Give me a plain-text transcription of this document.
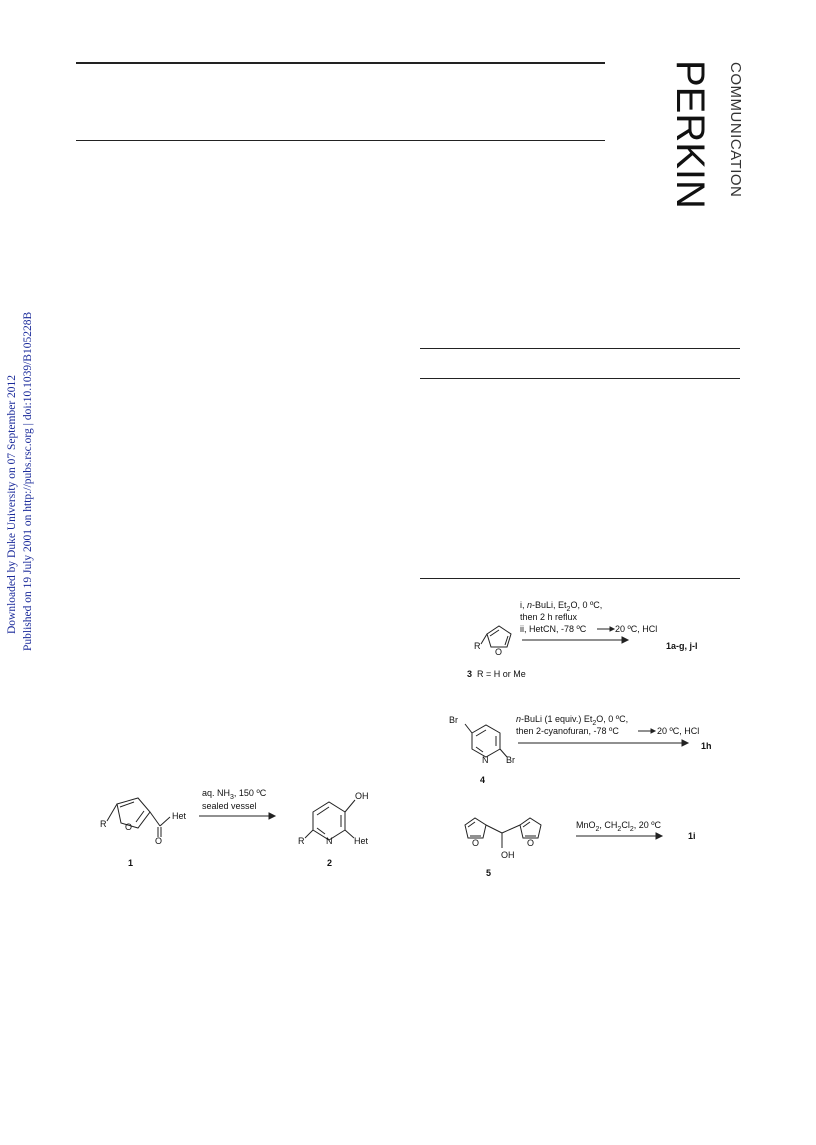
PERKIN COMMUNICATION
Downloaded by Duke University on 07 September 2012 Published on 19 July 2001 on http://pubs.rsc.org | doi:10.1039/B105228B
R O
Het
O
1
aq. $NH_3$, 150 ºC
sealed vessel
OH
R N Het
2
i, n-BuLi, $Et_2O$, 0 ºC,
then 2 h reflux
ii, HetCN, -78 ºC	20 ºC, HCl
1a-g, j-l
R
O
3 R = H or Me
n-BuLi (1 equiv.) $Et_2O$, 0 ºC,
then 2-cyanofuran, -78 ºC	20 ºC, HCl
1h
Br
Br
N
4
MnO$_2$, $CH_2Cl_2$, 20 ºC
1i
O	O
OH
5
